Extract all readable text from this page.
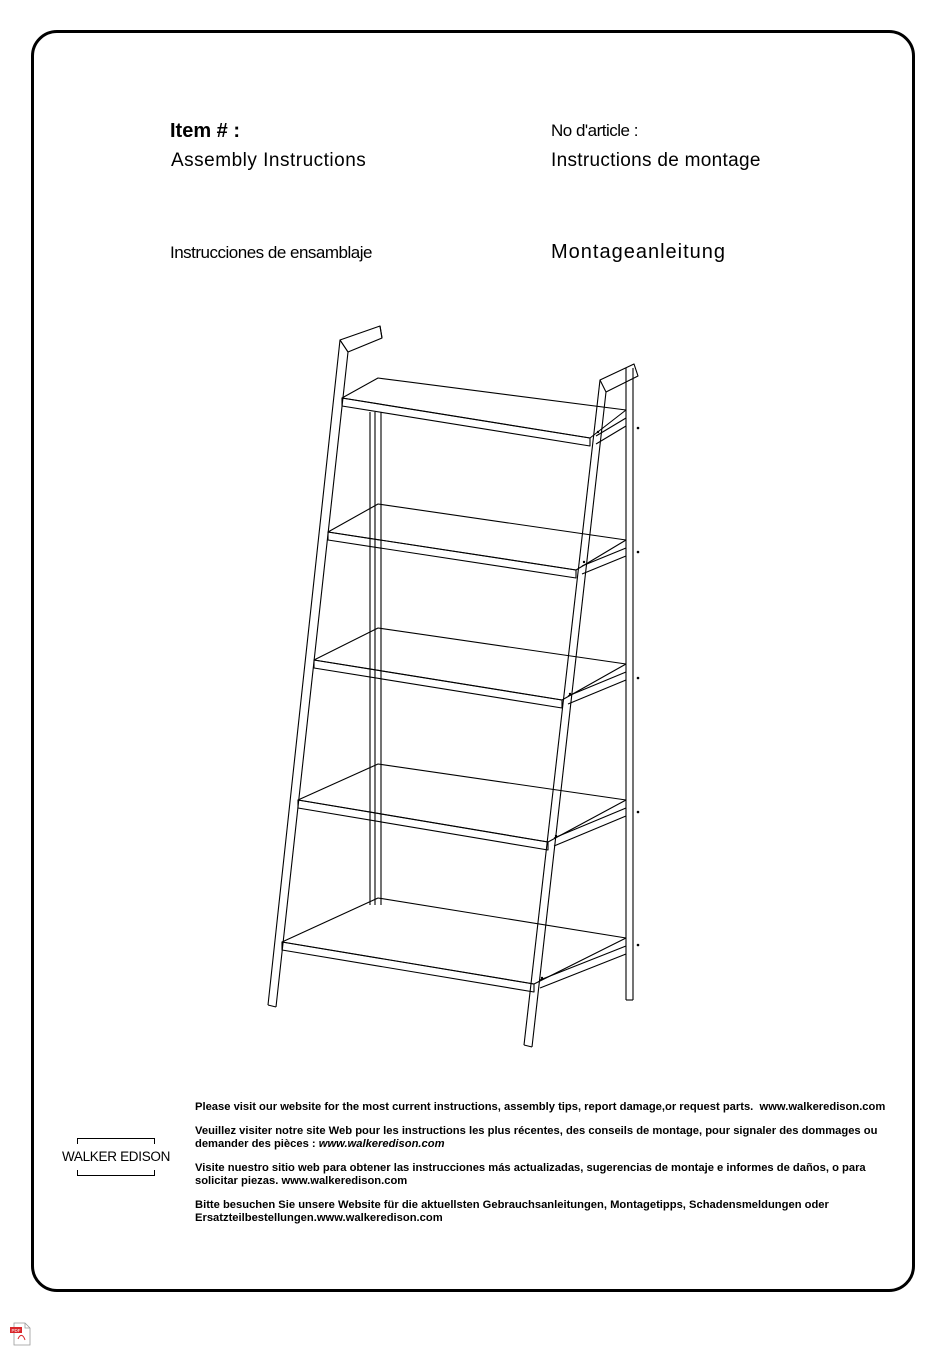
Item # :
Assembly Instructions
No d'article :
Instructions de montage
Instrucciones de ensamblaje	Montageanleitung
WALKER EDISON

Please visit our website for the most current instructions, assembly tips, report damage,or request parts. www.walkeredison.com

Veuillez visiter notre site Web pour les instructions les plus récentes, des conseils de montage, pour signaler des dommages ou demander des pièces : www.walkeredison.com

Visite nuestro sitio web para obtener las instrucciones más actualizadas, sugerencias de montaje e informes de daños, o para solicitar piezas. www.walkeredison.com

Bitte besuchen Sie unsere Website für die aktuellsten Gebrauchsanleitungen, Montagetipps, Schadensmeldungen oder Ersatzteilbestellungen.www.walkeredison.com

PDF
